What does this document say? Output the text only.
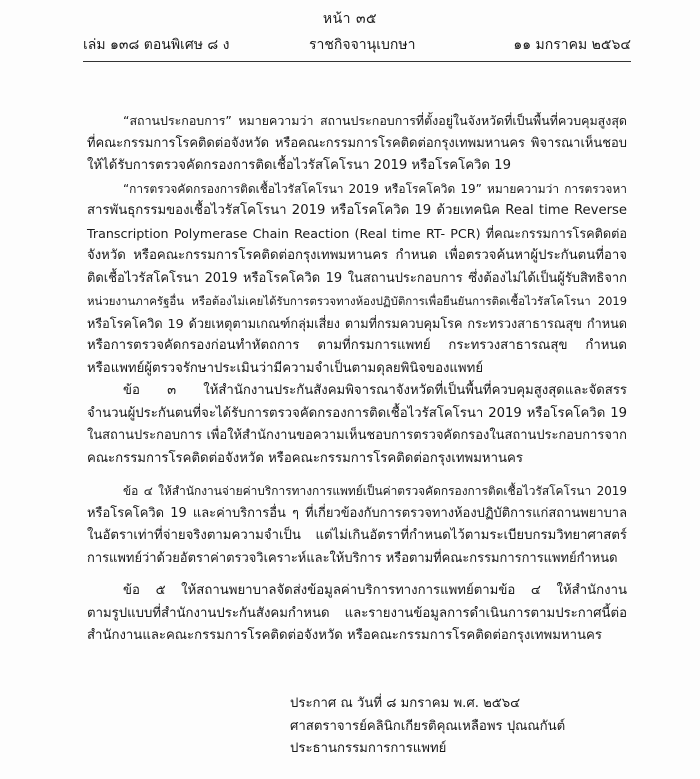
หน้า ๓๕
เล่ม ๑๓๘ ตอนพิเศษ ๘ ง	ราชกิจจานุเบกษา	๑๑ มกราคม ๒๕๖๔
“สถานประกอบการ” หมายความว่า สถานประกอบการที่ตั้งอยู่ในจังหวัดที่เป็นพื้นที่ควบคุมสูงสุด
ที่คณะกรรมการโรคติดต่อจังหวัด หรือคณะกรรมการโรคติดต่อกรุงเทพมหานคร พิจารณาเห็นชอบ
ให้ได้รับการตรวจคัดกรองการติดเชื้อไวรัสโคโรนา 2019 หรือโรคโควิด 19
“การตรวจคัดกรองการติดเชื้อไวรัสโคโรนา 2019 หรือโรคโควิด 19” หมายความว่า การตรวจหา
สารพันธุกรรมของเชื้อไวรัสโคโรนา 2019 หรือโรคโควิด 19 ด้วยเทคนิค Real time Reverse
Transcription Polymerase Chain Reaction (Real time RT- PCR) ที่คณะกรรมการโรคติดต่อ
จังหวัด หรือคณะกรรมการโรคติดต่อกรุงเทพมหานคร กำหนด เพื่อตรวจค้นหาผู้ประกันตนที่อาจ
ติดเชื้อไวรัสโคโรนา 2019 หรือโรคโควิด 19 ในสถานประกอบการ ซึ่งต้องไม่ได้เป็นผู้รับสิทธิจาก
หน่วยงานภาครัฐอื่น หรือต้องไม่เคยได้รับการตรวจทางห้องปฏิบัติการเพื่อยืนยันการติดเชื้อไวรัสโคโรนา 2019
หรือโรคโควิด 19 ด้วยเหตุตามเกณฑ์กลุ่มเสี่ยง ตามที่กรมควบคุมโรค กระทรวงสาธารณสุข กำหนด
หรือการตรวจคัดกรองก่อนทำหัตถการ ตามที่กรมการแพทย์ กระทรวงสาธารณสุข กำหนด
หรือแพทย์ผู้ตรวจรักษาประเมินว่ามีความจำเป็นตามดุลยพินิจของแพทย์
ข้อ ๓ ให้สำนักงานประกันสังคมพิจารณาจังหวัดที่เป็นพื้นที่ควบคุมสูงสุดและจัดสรร
จำนวนผู้ประกันตนที่จะได้รับการตรวจคัดกรองการติดเชื้อไวรัสโคโรนา 2019 หรือโรคโควิด 19
ในสถานประกอบการ เพื่อให้สำนักงานขอความเห็นชอบการตรวจคัดกรองในสถานประกอบการจาก
คณะกรรมการโรคติดต่อจังหวัด หรือคณะกรรมการโรคติดต่อกรุงเทพมหานคร
ข้อ ๔ ให้สำนักงานจ่ายค่าบริการทางการแพทย์เป็นค่าตรวจคัดกรองการติดเชื้อไวรัสโคโรนา 2019
หรือโรคโควิด 19 และค่าบริการอื่น ๆ ที่เกี่ยวข้องกับการตรวจทางห้องปฏิบัติการแก่สถานพยาบาล
ในอัตราเท่าที่จ่ายจริงตามความจำเป็น แต่ไม่เกินอัตราที่กำหนดไว้ตามระเบียบกรมวิทยาศาสตร์
การแพทย์ว่าด้วยอัตราค่าตรวจวิเคราะห์และให้บริการ หรือตามที่คณะกรรมการการแพทย์กำหนด
ข้อ ๕ ให้สถานพยาบาลจัดส่งข้อมูลค่าบริการทางการแพทย์ตามข้อ ๔ ให้สำนักงาน
ตามรูปแบบที่สำนักงานประกันสังคมกำหนด และรายงานข้อมูลการดำเนินการตามประกาศนี้ต่อ
สำนักงานและคณะกรรมการโรคติดต่อจังหวัด หรือคณะกรรมการโรคติดต่อกรุงเทพมหานคร
ประกาศ ณ วันที่ ๘ มกราคม พ.ศ. ๒๕๖๔
ศาสตราจารย์คลินิกเกียรติคุณเหลือพร ปุณณกันต์
ประธานกรรมการการแพทย์
